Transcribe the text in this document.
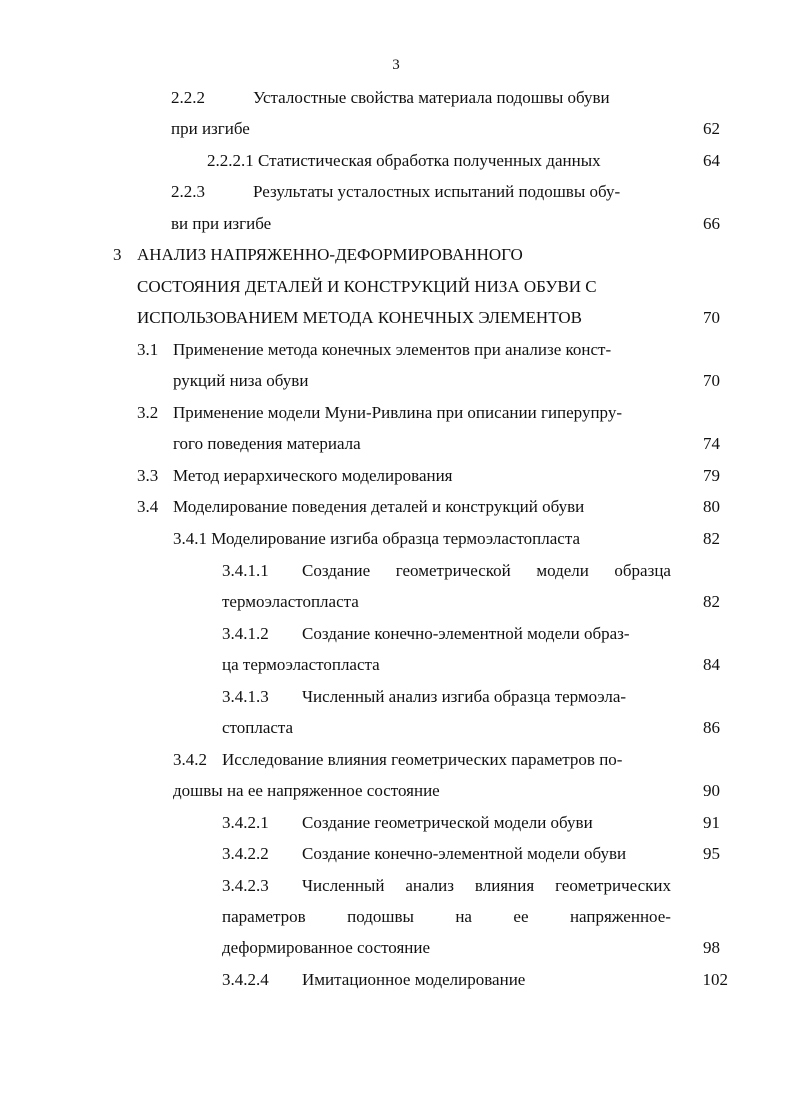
3
2.2.2	Усталостные свойства материала подошвы обуви
при изгибе	62
2.2.2.1 Статистическая обработка полученных данных	64
2.2.3	Результаты усталостных испытаний подошвы обу-
ви при изгибе	66
3 АНАЛИЗ НАПРЯЖЕННО-ДЕФОРМИРОВАННОГО
СОСТОЯНИЯ ДЕТАЛЕЙ И КОНСТРУКЦИЙ НИЗА ОБУВИ С
ИСПОЛЬЗОВАНИЕМ МЕТОДА КОНЕЧНЫХ ЭЛЕМЕНТОВ	70
3.1 Применение метода конечных элементов при анализе конст-
рукций низа обуви	70
3.2 Применение модели Муни-Ривлина при описании гиперупру-
гого поведения материала	74
3.3 Метод иерархического моделирования	79
3.4 Моделирование поведения деталей и конструкций обуви	80
3.4.1 Моделирование изгиба образца термоэластопласта	82
3.4.1.1 Создание геометрической модели образца
термоэластопласта	82
3.4.1.2 Создание конечно-элементной модели образ-
ца термоэластопласта	84
3.4.1.3 Численный анализ изгиба образца термоэла-
стопласта	86
3.4.2 Исследование влияния геометрических параметров по-
дошвы на ее напряженное состояние	90
3.4.2.1 Создание геометрической модели обуви	91
3.4.2.2 Создание конечно-элементной модели обуви	95
3.4.2.3 Численный анализ влияния геометрических
параметров подошвы на ее напряженное-
деформированное состояние	98
3.4.2.4 Имитационное моделирование	102
